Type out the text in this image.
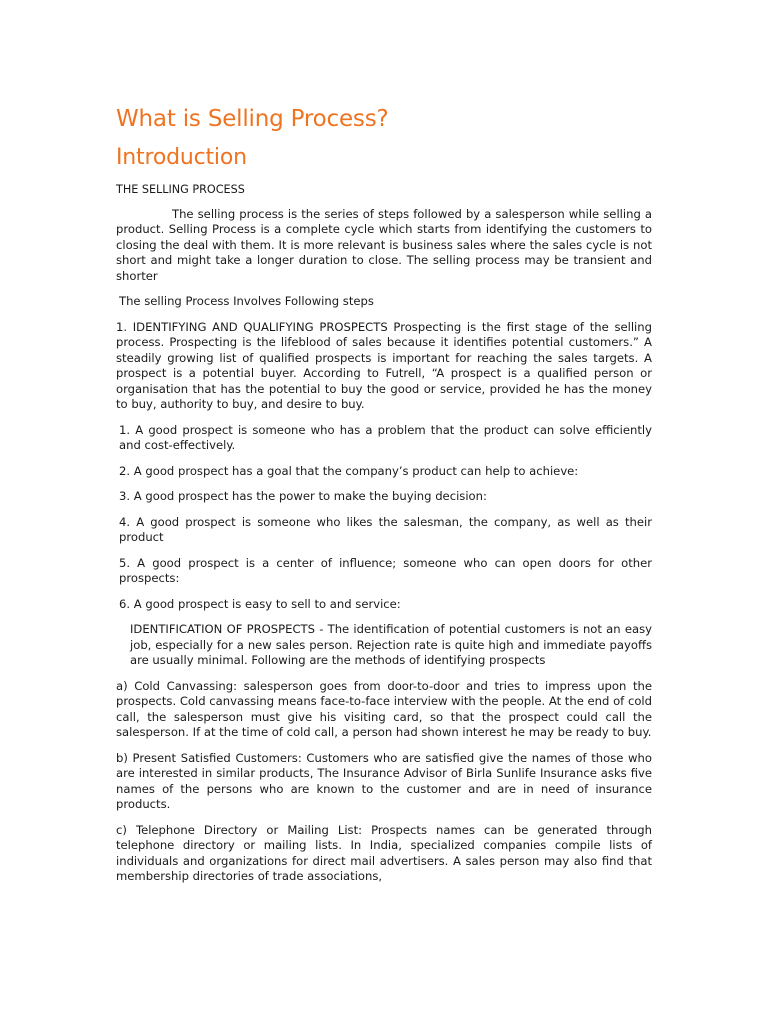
What is Selling Process?
Introduction

THE SELLING PROCESS

The selling process is the series of steps followed by a salesperson while selling a product. Selling Process is a complete cycle which starts from identifying the customers to closing the deal with them. It is more relevant is business sales where the sales cycle is not short and might take a longer duration to close. The selling process may be transient and shorter

The selling Process Involves Following steps

1. IDENTIFYING AND QUALIFYING PROSPECTS Prospecting is the first stage of the selling process. Prospecting is the lifeblood of sales because it identifies potential customers.” A steadily growing list of qualified prospects is important for reaching the sales targets. A prospect is a potential buyer. According to Futrell, “A prospect is a qualified person or organisation that has the potential to buy the good or service, provided he has the money to buy, authority to buy, and desire to buy.

1. A good prospect is someone who has a problem that the product can solve efficiently and cost-effectively.

2. A good prospect has a goal that the company’s product can help to achieve:

3. A good prospect has the power to make the buying decision:

4. A good prospect is someone who likes the salesman, the company, as well as their product

5. A good prospect is a center of influence; someone who can open doors for other prospects:

6. A good prospect is easy to sell to and service:

IDENTIFICATION OF PROSPECTS - The identification of potential customers is not an easy job, especially for a new sales person. Rejection rate is quite high and immediate payoffs are usually minimal. Following are the methods of identifying prospects

a) Cold Canvassing: salesperson goes from door-to-door and tries to impress upon the prospects. Cold canvassing means face-to-face interview with the people. At the end of cold call, the salesperson must give his visiting card, so that the prospect could call the salesperson. If at the time of cold call, a person had shown interest he may be ready to buy.

b) Present Satisfied Customers: Customers who are satisfied give the names of those who are interested in similar products, The Insurance Advisor of Birla Sunlife Insurance asks five names of the persons who are known to the customer and are in need of insurance products.

c) Telephone Directory or Mailing List: Prospects names can be generated through telephone directory or mailing lists. In India, specialized companies compile lists of individuals and organizations for direct mail advertisers. A sales person may also find that membership directories of trade associations,
